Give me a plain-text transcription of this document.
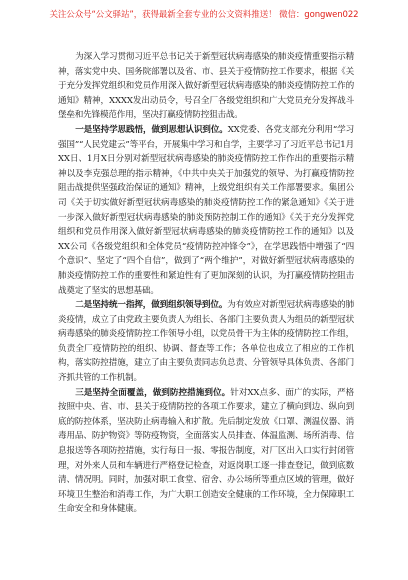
关注公众号“公文驿站”，获得最新全套专业的公文资料推送！ 微信：gongwen022

为深入学习贯彻习近平总书记关于新型冠状病毒感染的肺炎疫情重要指示精神，落实党中央、国务院部署以及省、市、县关于疫情防控工作要求，根据《关于充分发挥党组织和党员作用深入做好新型冠状病毒感染的肺炎疫情防控工作的通知》精神，XXXX发出动员令，号召全厂各级党组织和广大党员充分发挥战斗堡垒和先锋模范作用，坚决打赢疫情防控狙击战。

一是坚持学思践悟，做到思想认识到位。XX党委、各党支部充分利用“学习强国”“人民党建云”等平台，开展集中学习和自学，主要学习了习近平总书记1月XX日、1月X日分别对新型冠状病毒感染的肺炎疫情防控工作作出的重要指示精神以及李克强总理的指示精神，《中共中央关于加强党的领导、为打赢疫情防控阻击战提供坚强政治保证的通知》精神，上级党组织有关工作部署要求。集团公司《关于切实做好新型冠状病毒感染的肺炎疫情防控工作的紧急通知》《关于进一步深入做好新型冠状病毒感染的肺炎预防控制工作的通知》《关于充分发挥党组织和党员作用深入做好新型冠状病毒感染的肺炎疫情防控工作的通知》以及XX公司《各级党组织和全体党员“疫情防控冲锋令”》，在学思践悟中增强了“四个意识”、坚定了“四个自信”，做到了“两个维护”，对做好新型冠状病毒感染的肺炎疫情防控工作的重要性和紧迫性有了更加深刻的认识，为打赢疫情防控阻击战奠定了坚实的思想基础。

二是坚持统一指挥，做到组织领导到位。为有效应对新型冠状病毒感染的肺炎疫情，成立了由党政主要负责人为组长、各部门主要负责人为组员的新型冠状病毒感染的肺炎疫情防控工作领导小组，以党员骨干为主体的疫情防控工作组，负责全厂疫情防控的组织、协调、督查等工作；各单位也成立了相应的工作机构，落实防控措施，建立了由主要负责同志负总责、分管领导具体负责、各部门齐抓共管的工作机制。

三是坚持全面覆盖，做到防控措施到位。针对XX点多、面广的实际，严格按照中央、省、市、县关于疫情防控的各项工作要求，建立了横向到边、纵向到底的防控体系，坚决防止病毒输入和扩散。先后制定发放《口罩、测温仪器、消毒用品、防护物资》等防疫物资，全面落实人员排查、体温监测、场所消毒、信息报送等各项防控措施，实行每日一报、零报告制度，对厂区出入口实行封闭管理，对外来人员和车辆进行严格登记检查，对返岗职工逐一排查登记，做到底数清、情况明。同时，加强对职工食堂、宿舍、办公场所等重点区域的管理，做好环境卫生整治和消毒工作，为广大职工创造安全健康的工作环境，全力保障职工生命安全和身体健康。
